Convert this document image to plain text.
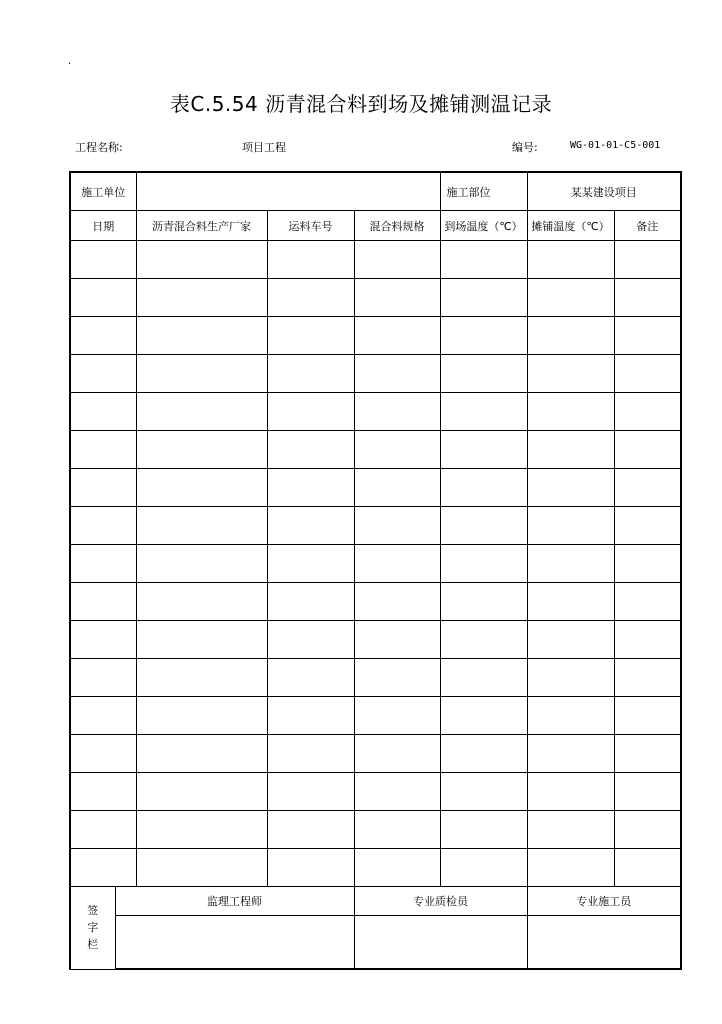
·
表C.5.54 沥青混合料到场及摊铺测温记录
工程名称:	项目工程	编号:	WG-01-01-C5-001
施工单位					施工部位	某某建设项目	
日期		沥青混合料生产厂家	运料车号	混合料规格	到场温度（℃）	摊铺温度（℃）	备注

签字栏	监理工程师			专业质检员		专业施工员	
